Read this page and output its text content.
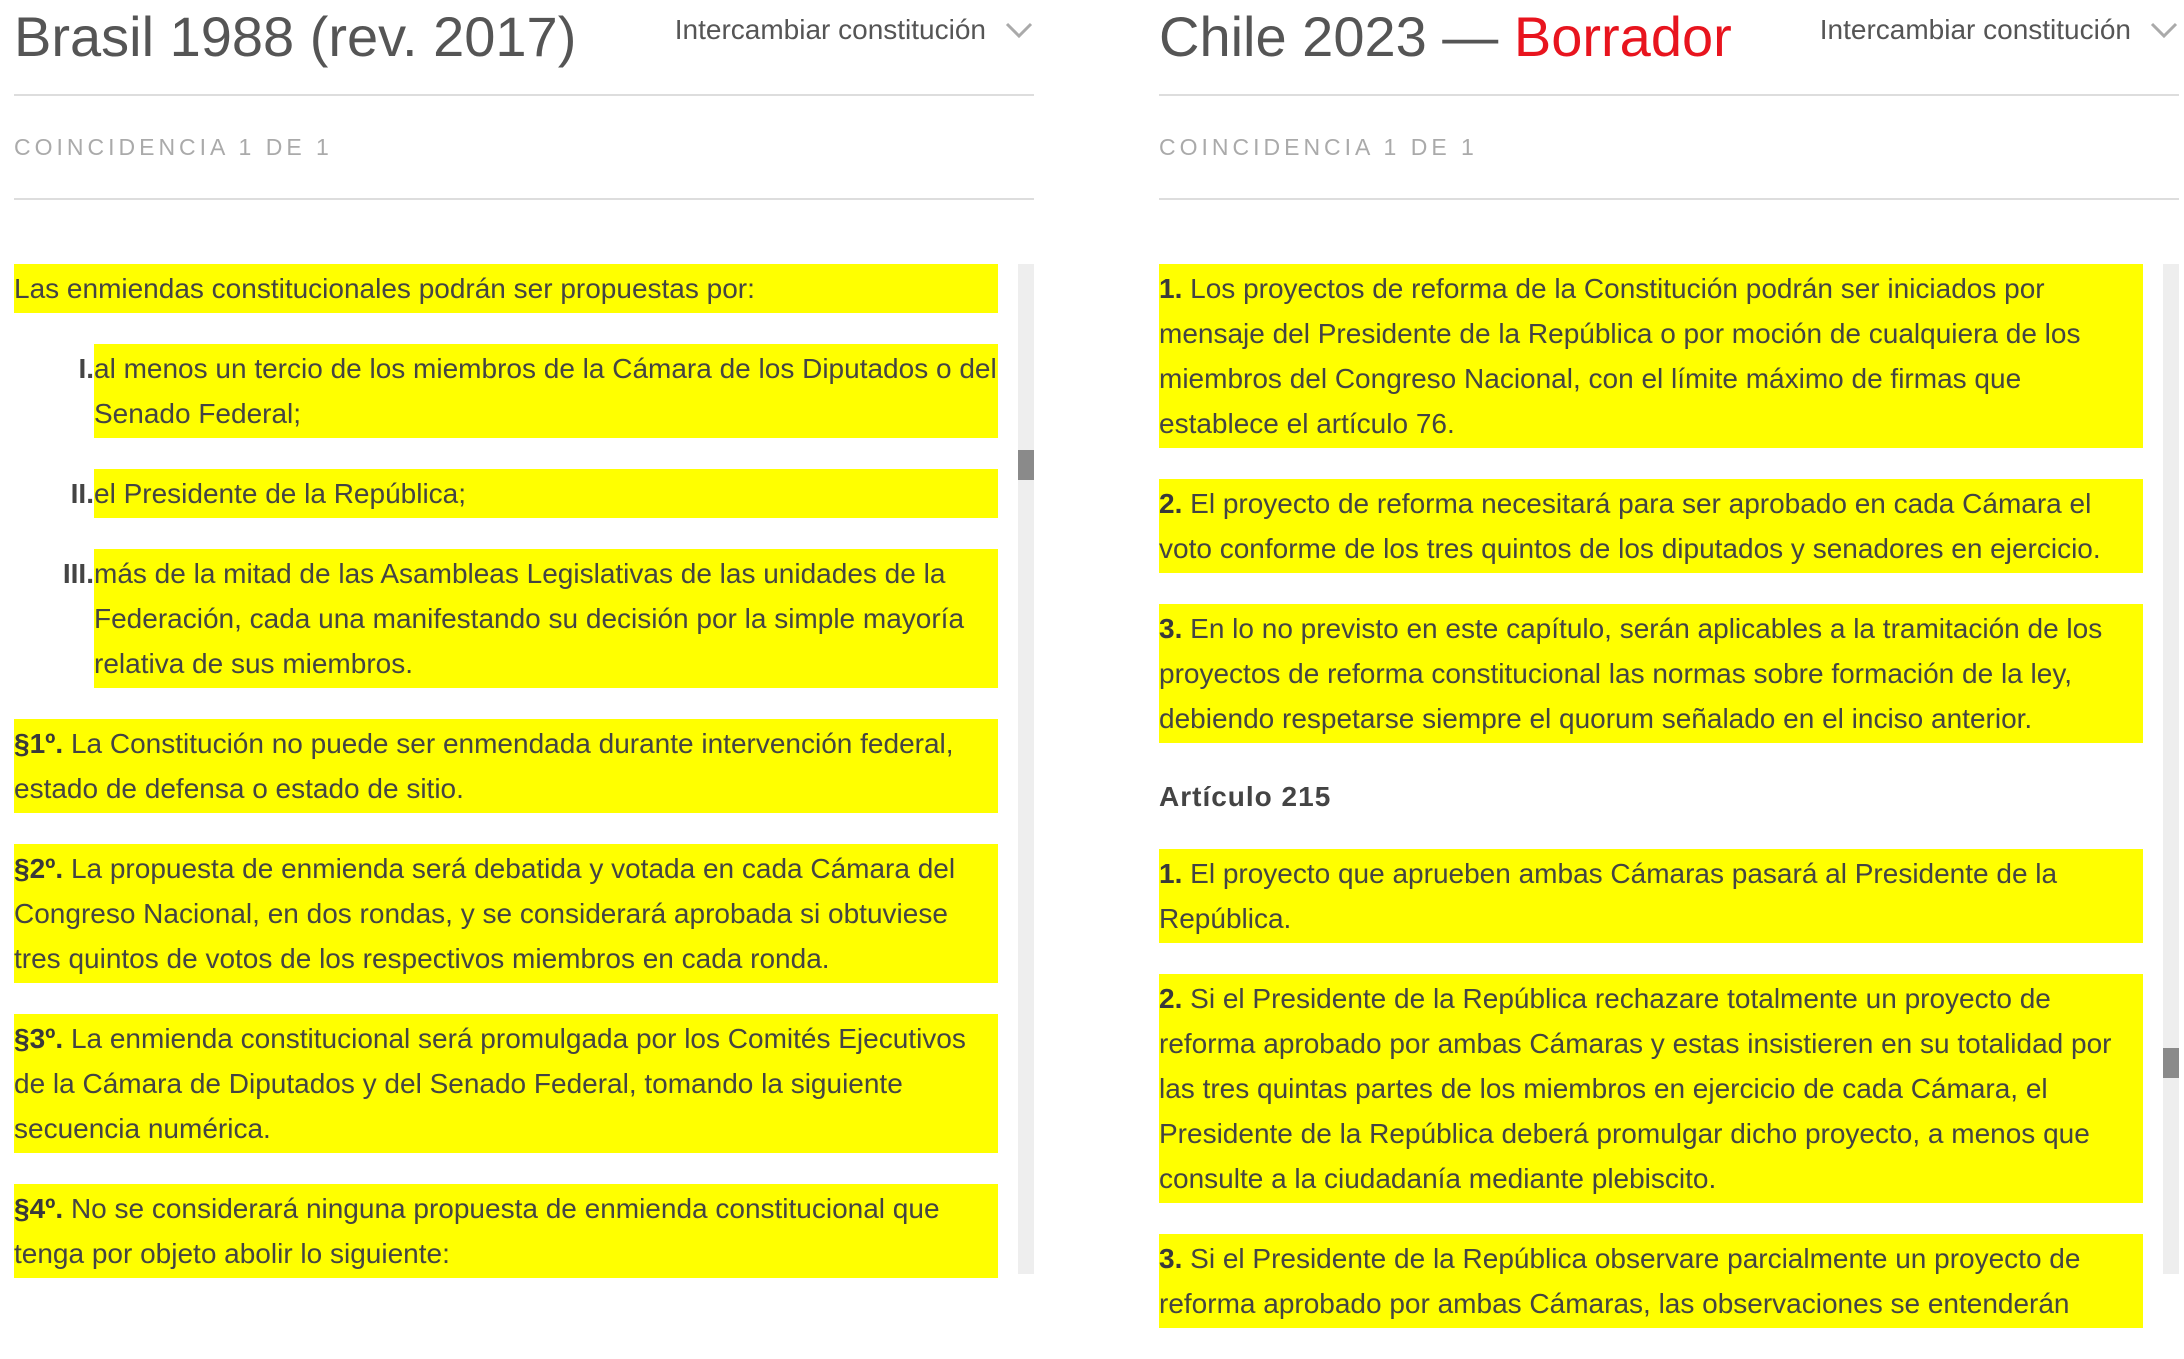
Brasil 1988 (rev. 2017)	Intercambiar constitución
COINCIDENCIA 1 DE 1
Las enmiendas constitucionales podrán ser propuestas por:
I. al menos un tercio de los miembros de la Cámara de los Diputados o del Senado Federal;
II. el Presidente de la República;
III. más de la mitad de las Asambleas Legislativas de las unidades de la Federación, cada una manifestando su decisión por la simple mayoría relativa de sus miembros.
§1º. La Constitución no puede ser enmendada durante intervención federal, estado de defensa o estado de sitio.
§2º. La propuesta de enmienda será debatida y votada en cada Cámara del Congreso Nacional, en dos rondas, y se considerará aprobada si obtuviese tres quintos de votos de los respectivos miembros en cada ronda.
§3º. La enmienda constitucional será promulgada por los Comités Ejecutivos de la Cámara de Diputados y del Senado Federal, tomando la siguiente secuencia numérica.
§4º. No se considerará ninguna propuesta de enmienda constitucional que tenga por objeto abolir lo siguiente:
Chile 2023 — Borrador	Intercambiar constitución
COINCIDENCIA 1 DE 1
1. Los proyectos de reforma de la Constitución podrán ser iniciados por mensaje del Presidente de la República o por moción de cualquiera de los miembros del Congreso Nacional, con el límite máximo de firmas que establece el artículo 76.
2. El proyecto de reforma necesitará para ser aprobado en cada Cámara el voto conforme de los tres quintos de los diputados y senadores en ejercicio.
3. En lo no previsto en este capítulo, serán aplicables a la tramitación de los proyectos de reforma constitucional las normas sobre formación de la ley, debiendo respetarse siempre el quorum señalado en el inciso anterior.
Artículo 215
1. El proyecto que aprueben ambas Cámaras pasará al Presidente de la República.
2. Si el Presidente de la República rechazare totalmente un proyecto de reforma aprobado por ambas Cámaras y estas insistieren en su totalidad por las tres quintas partes de los miembros en ejercicio de cada Cámara, el Presidente de la República deberá promulgar dicho proyecto, a menos que consulte a la ciudadanía mediante plebiscito.
3. Si el Presidente de la República observare parcialmente un proyecto de reforma aprobado por ambas Cámaras, las observaciones se entenderán
